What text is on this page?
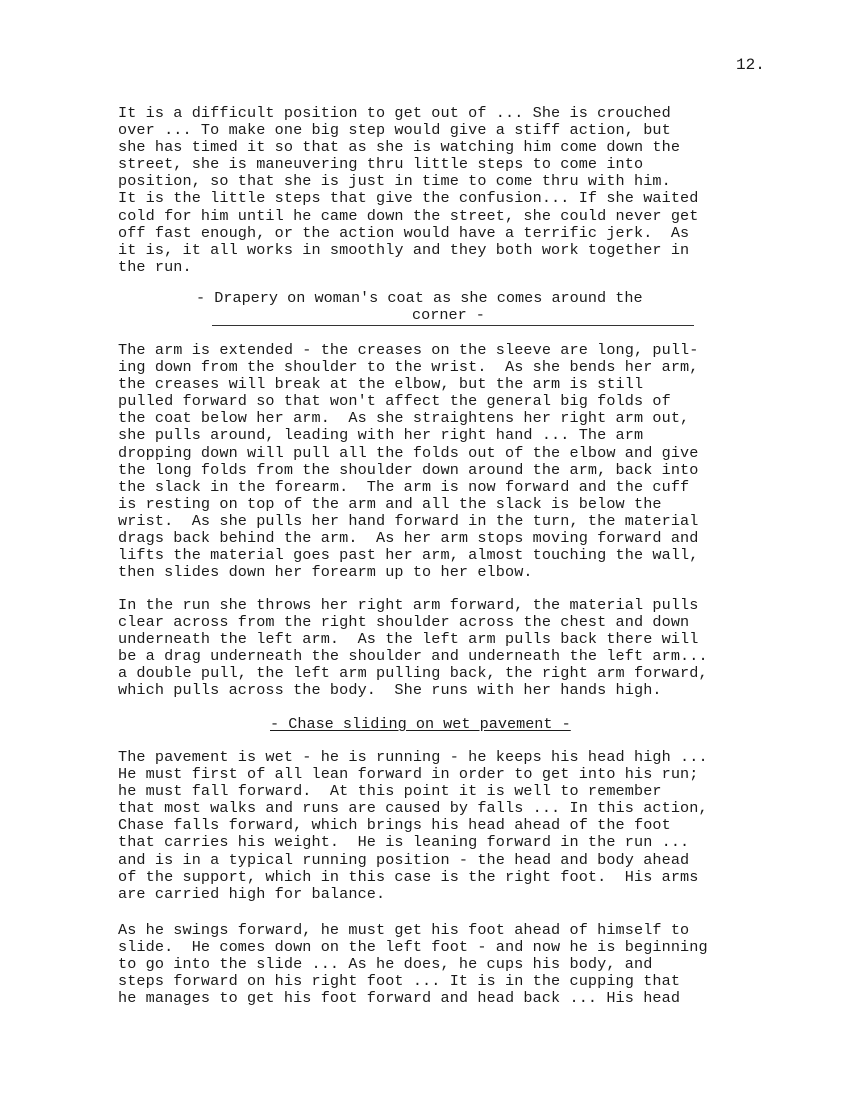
12.
It is a difficult position to get out of ... She is crouched
over ... To make one big step would give a stiff action, but
she has timed it so that as she is watching him come down the
street, she is maneuvering thru little steps to come into
position, so that she is just in time to come thru with him.
It is the little steps that give the confusion... If she waited
cold for him until he came down the street, she could never get
off fast enough, or the action would have a terrific jerk.  As
it is, it all works in smoothly and they both work together in
the run.
- Drapery on woman's coat as she comes around the
corner -
The arm is extended - the creases on the sleeve are long, pull-
ing down from the shoulder to the wrist.  As she bends her arm,
the creases will break at the elbow, but the arm is still
pulled forward so that won't affect the general big folds of
the coat below her arm.  As she straightens her right arm out,
she pulls around, leading with her right hand ... The arm
dropping down will pull all the folds out of the elbow and give
the long folds from the shoulder down around the arm, back into
the slack in the forearm.  The arm is now forward and the cuff
is resting on top of the arm and all the slack is below the
wrist.  As she pulls her hand forward in the turn, the material
drags back behind the arm.  As her arm stops moving forward and
lifts the material goes past her arm, almost touching the wall,
then slides down her forearm up to her elbow.
In the run she throws her right arm forward, the material pulls
clear across from the right shoulder across the chest and down
underneath the left arm.  As the left arm pulls back there will
be a drag underneath the shoulder and underneath the left arm...
a double pull, the left arm pulling back, the right arm forward,
which pulls across the body.  She runs with her hands high.
- Chase sliding on wet pavement -
The pavement is wet - he is running - he keeps his head high ...
He must first of all lean forward in order to get into his run;
he must fall forward.  At this point it is well to remember
that most walks and runs are caused by falls ... In this action,
Chase falls forward, which brings his head ahead of the foot
that carries his weight.  He is leaning forward in the run ...
and is in a typical running position - the head and body ahead
of the support, which in this case is the right foot.  His arms
are carried high for balance.
As he swings forward, he must get his foot ahead of himself to
slide.  He comes down on the left foot - and now he is beginning
to go into the slide ... As he does, he cups his body, and
steps forward on his right foot ... It is in the cupping that
he manages to get his foot forward and head back ... His head
